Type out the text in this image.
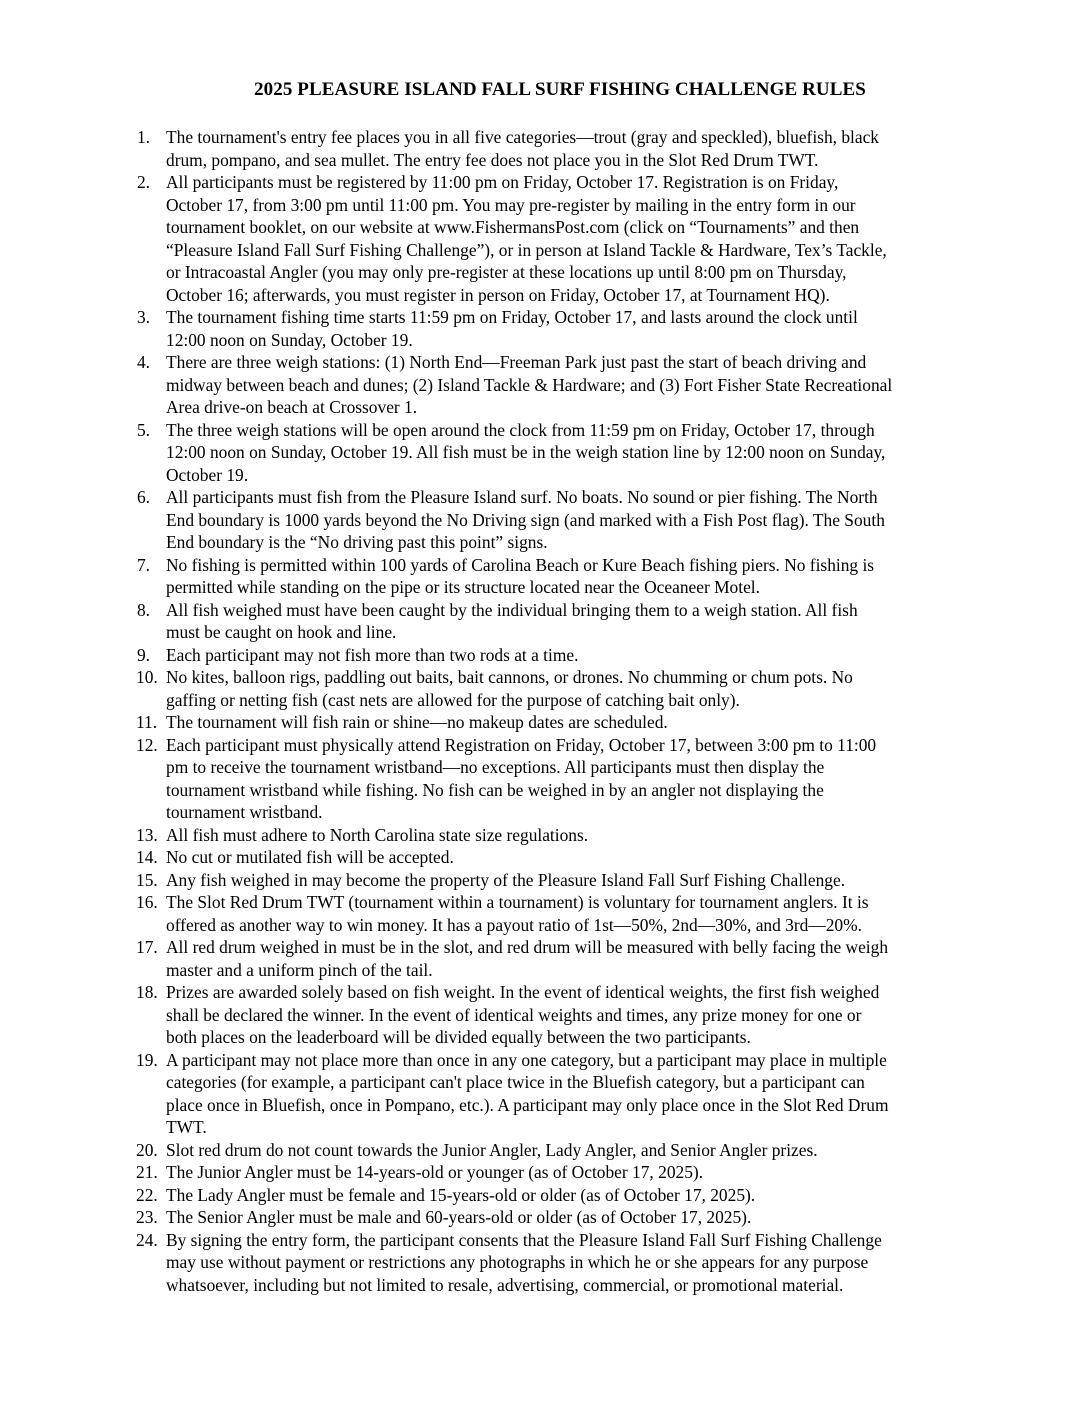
2025 PLEASURE ISLAND FALL SURF FISHING CHALLENGE RULES
1. The tournament's entry fee places you in all five categories—trout (gray and speckled), bluefish, black
drum, pompano, and sea mullet. The entry fee does not place you in the Slot Red Drum TWT.
2. All participants must be registered by 11:00 pm on Friday, October 17. Registration is on Friday,
October 17, from 3:00 pm until 11:00 pm. You may pre-register by mailing in the entry form in our
tournament booklet, on our website at www.FishermansPost.com (click on “Tournaments” and then
“Pleasure Island Fall Surf Fishing Challenge”), or in person at Island Tackle & Hardware, Tex’s Tackle,
or Intracoastal Angler (you may only pre-register at these locations up until 8:00 pm on Thursday,
October 16; afterwards, you must register in person on Friday, October 17, at Tournament HQ).
3. The tournament fishing time starts 11:59 pm on Friday, October 17, and lasts around the clock until
12:00 noon on Sunday, October 19.
4. There are three weigh stations: (1) North End—Freeman Park just past the start of beach driving and
midway between beach and dunes; (2) Island Tackle & Hardware; and (3) Fort Fisher State Recreational
Area drive-on beach at Crossover 1.
5. The three weigh stations will be open around the clock from 11:59 pm on Friday, October 17, through
12:00 noon on Sunday, October 19. All fish must be in the weigh station line by 12:00 noon on Sunday,
October 19.
6. All participants must fish from the Pleasure Island surf. No boats. No sound or pier fishing. The North
End boundary is 1000 yards beyond the No Driving sign (and marked with a Fish Post flag). The South
End boundary is the “No driving past this point” signs.
7. No fishing is permitted within 100 yards of Carolina Beach or Kure Beach fishing piers. No fishing is
permitted while standing on the pipe or its structure located near the Oceaneer Motel.
8. All fish weighed must have been caught by the individual bringing them to a weigh station. All fish
must be caught on hook and line.
9. Each participant may not fish more than two rods at a time.
10. No kites, balloon rigs, paddling out baits, bait cannons, or drones. No chumming or chum pots. No
gaffing or netting fish (cast nets are allowed for the purpose of catching bait only).
11. The tournament will fish rain or shine—no makeup dates are scheduled.
12. Each participant must physically attend Registration on Friday, October 17, between 3:00 pm to 11:00
pm to receive the tournament wristband—no exceptions. All participants must then display the
tournament wristband while fishing. No fish can be weighed in by an angler not displaying the
tournament wristband.
13. All fish must adhere to North Carolina state size regulations.
14. No cut or mutilated fish will be accepted.
15. Any fish weighed in may become the property of the Pleasure Island Fall Surf Fishing Challenge.
16. The Slot Red Drum TWT (tournament within a tournament) is voluntary for tournament anglers. It is
offered as another way to win money. It has a payout ratio of 1st—50%, 2nd—30%, and 3rd—20%.
17. All red drum weighed in must be in the slot, and red drum will be measured with belly facing the weigh
master and a uniform pinch of the tail.
18. Prizes are awarded solely based on fish weight. In the event of identical weights, the first fish weighed
shall be declared the winner. In the event of identical weights and times, any prize money for one or
both places on the leaderboard will be divided equally between the two participants.
19. A participant may not place more than once in any one category, but a participant may place in multiple
categories (for example, a participant can't place twice in the Bluefish category, but a participant can
place once in Bluefish, once in Pompano, etc.). A participant may only place once in the Slot Red Drum
TWT.
20. Slot red drum do not count towards the Junior Angler, Lady Angler, and Senior Angler prizes.
21. The Junior Angler must be 14-years-old or younger (as of October 17, 2025).
22. The Lady Angler must be female and 15-years-old or older (as of October 17, 2025).
23. The Senior Angler must be male and 60-years-old or older (as of October 17, 2025).
24. By signing the entry form, the participant consents that the Pleasure Island Fall Surf Fishing Challenge
may use without payment or restrictions any photographs in which he or she appears for any purpose
whatsoever, including but not limited to resale, advertising, commercial, or promotional material.
